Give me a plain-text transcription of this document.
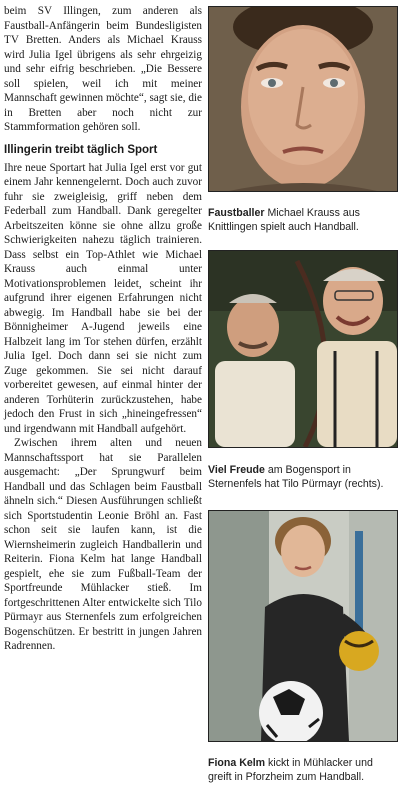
beim SV Illingen, zum anderen als Faustball-Anfängerin beim Bundesligisten TV Bretten. Anders als Michael Krauss wird Julia Igel übrigens als sehr ehrgeizig und sehr eifrig beschrieben. „Die Bessere soll spielen, weil ich mit meiner Mannschaft gewinnen möchte“, sagt sie, die in Bretten aber noch nicht zur Stammformation gehören soll.

Illingerin treibt täglich Sport

Ihre neue Sportart hat Julia Igel erst vor gut einem Jahr kennengelernt. Doch auch zuvor fuhr sie zweigleisig, griff neben dem Federball zum Handball. Dank geregelter Arbeitszeiten könne sie ohne allzu große Schwierigkeiten nahezu täglich trainieren. Dass selbst ein Top-Athlet wie Michael Krauss auch einmal unter Motivationsproblemen leidet, scheint ihr aufgrund ihrer eigenen Erfahrungen nicht abwegig. Im Handball habe sie bei der Bönnigheimer A-Jugend jeweils eine Halbzeit lang im Tor stehen dürfen, erzählt Julia Igel. Doch dann sei sie nicht zum Zuge gekommen. Sie sei nicht darauf vorbereitet gewesen, auf einmal hinter der anderen Torhüterin zurückzustehen, habe jedoch den Frust in sich „hineingefressen“ und irgendwann mit Handball aufgehört.

Zwischen ihrem alten und neuen Mannschaftssport hat sie Parallelen ausgemacht: „Der Sprungwurf beim Handball und das Schlagen beim Faustball ähneln sich.“ Diesen Ausführungen schließt sich Sportstudentin Leonie Bröhl an. Fast schon seit sie laufen kann, ist die Wiernsheimerin zugleich Handballerin und Reiterin. Fiona Kelm hat lange Handball gespielt, ehe sie zum Fußball-Team der Sportfreunde Mühlacker stieß. Im fortgeschrittenen Alter entwickelte sich Tilo Pürmayr aus Sternenfels zum erfolgreichen Bogenschützen. Er bestritt in jungen Jahren Radrennen.

Faustballer Michael Krauss aus Knittlingen spielt auch Handball.
Viel Freude am Bogensport in Sternenfels hat Tilo Pürmayr (rechts).
Fiona Kelm kickt in Mühlacker und greift in Pforzheim zum Handball.
